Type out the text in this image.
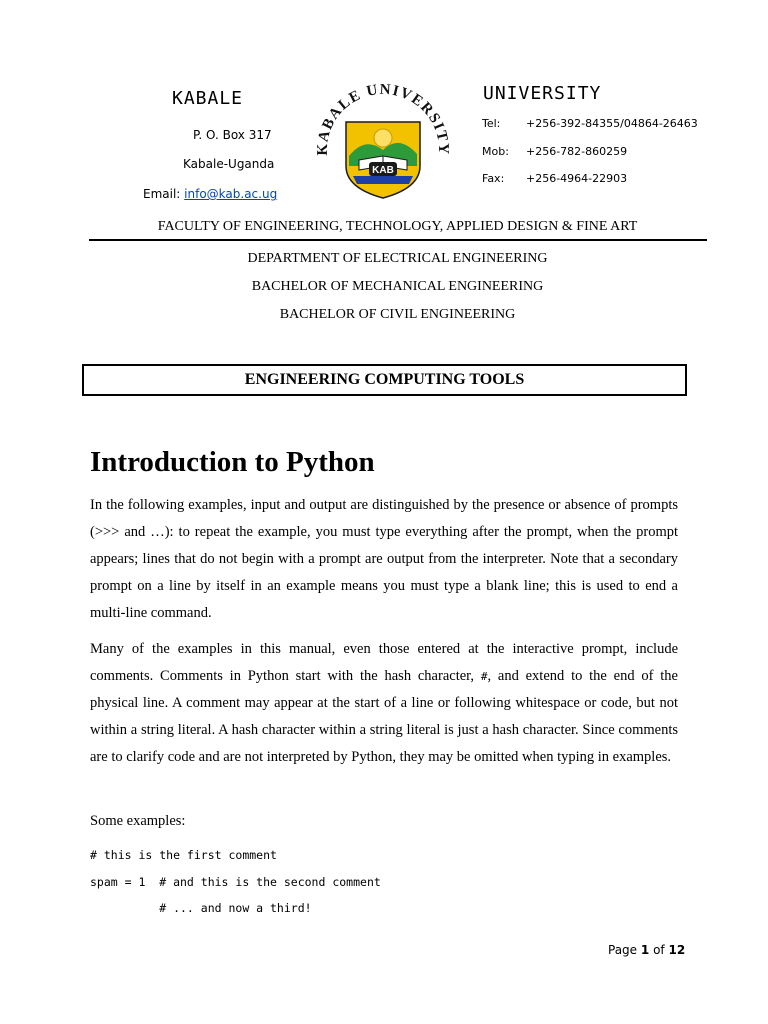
KABALE	UNIVERSITY
P. O. Box 317
Kabale-Uganda
Email: info@kab.ac.ug
KABALE UNIVERSITY
KAB
Tel: +256-392-84355/04864-26463
Mob: +256-782-860259
Fax: +256-4964-22903
FACULTY OF ENGINEERING, TECHNOLOGY, APPLIED DESIGN & FINE ART
DEPARTMENT OF ELECTRICAL ENGINEERING
BACHELOR OF MECHANICAL ENGINEERING
BACHELOR OF CIVIL ENGINEERING
ENGINEERING COMPUTING TOOLS
Introduction to Python
In the following examples, input and output are distinguished by the presence or absence of prompts (>>> and …): to repeat the example, you must type everything after the prompt, when the prompt appears; lines that do not begin with a prompt are output from the interpreter. Note that a secondary prompt on a line by itself in an example means you must type a blank line; this is used to end a multi-line command.
Many of the examples in this manual, even those entered at the interactive prompt, include comments. Comments in Python start with the hash character, #, and extend to the end of the physical line. A comment may appear at the start of a line or following whitespace or code, but not within a string literal. A hash character within a string literal is just a hash character. Since comments are to clarify code and are not interpreted by Python, they may be omitted when typing in examples.
Some examples:
# this is the first comment
spam = 1  # and this is the second comment
# ... and now a third!
Page 1 of 12
